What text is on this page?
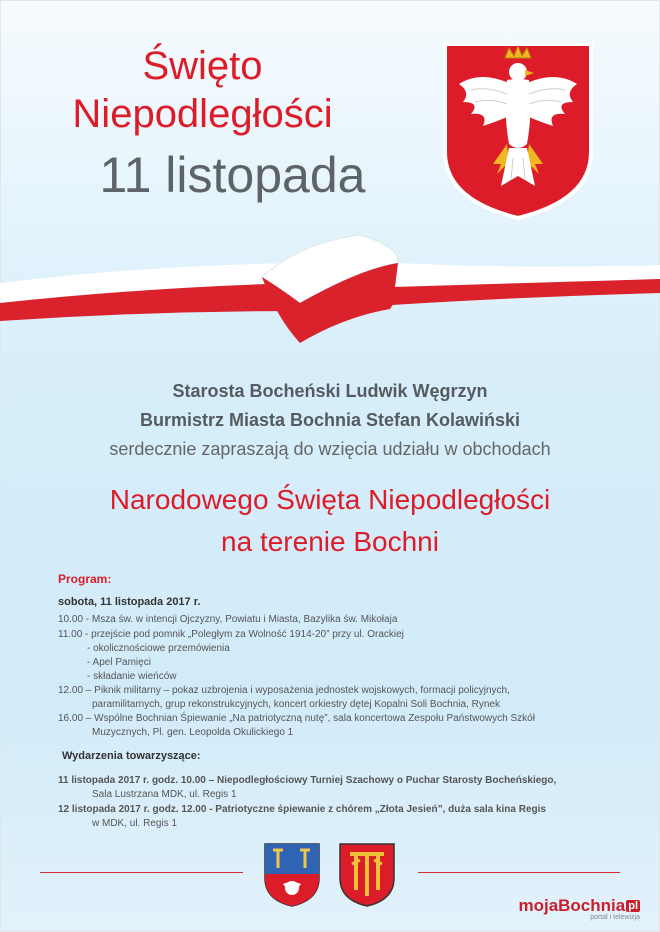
Święto
Niepodległości
11 listopada
Starosta Bocheński Ludwik Węgrzyn
Burmistrz Miasta Bochnia Stefan Kolawiński
serdecznie zapraszają do wzięcia udziału w obchodach
Narodowego Święta Niepodległości
na terenie Bochni
Program:
sobota, 11 listopada 2017 r.
10.00 - Msza św. w intencji Ojczyzny, Powiatu i Miasta, Bazylika św. Mikołaja
11.00 - przejście pod pomnik „Poległym za Wolność 1914-20” przy ul. Orackiej
- okolicznościowe przemówienia
- Apel Pamięci
- składanie wieńców
12.00 – Piknik militarny – pokaz uzbrojenia i wyposażenia jednostek wojskowych, formacji policyjnych,
paramilitarnych, grup rekonstrukcyjnych, koncert orkiestry dętej Kopalni Soli Bochnia, Rynek
16.00 – Wspólne Bochnian Śpiewanie „Na patriotyczną nutę”, sala koncertowa Zespołu Państwowych Szkół
Muzycznych, Pl. gen. Leopolda Okulickiego 1
Wydarzenia towarzyszące:
11 listopada 2017 r. godz. 10.00 – Niepodległościowy Turniej Szachowy o Puchar Starosty Bocheńskiego,
Sala Lustrzana MDK, ul. Regis 1
12 listopada 2017 r. godz. 12.00 - Patriotyczne śpiewanie z chórem „Złota Jesień”, duża sala kina Regis
w MDK, ul. Regis 1
mojaBochnia pl
portal i telewizja
